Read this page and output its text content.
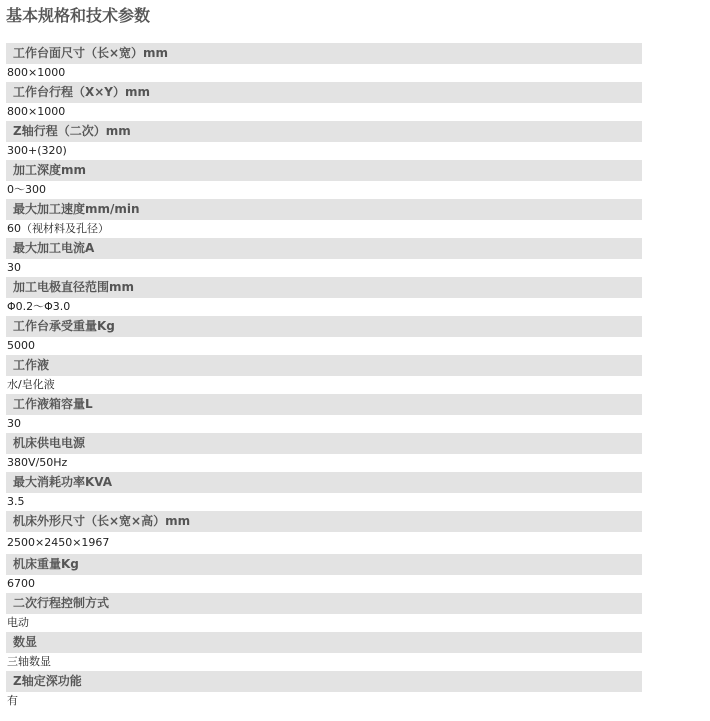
基本规格和技术参数
工作台面尺寸（长×宽）mm
800×1000
工作台行程（X×Y）mm
800×1000
Z轴行程（二次）mm
300+(320)
加工深度mm
0～300
最大加工速度mm/min
60（视材料及孔径）
最大加工电流A
30
加工电极直径范围mm
Φ0.2～Φ3.0
工作台承受重量Kg
5000
工作液
水/皂化液
工作液箱容量L
30
机床供电电源
380V/50Hz
最大消耗功率KVA
3.5
机床外形尺寸（长×宽×高）mm
2500×2450×1967
机床重量Kg
6700
二次行程控制方式
电动
数显
三轴数显
Z轴定深功能
有
